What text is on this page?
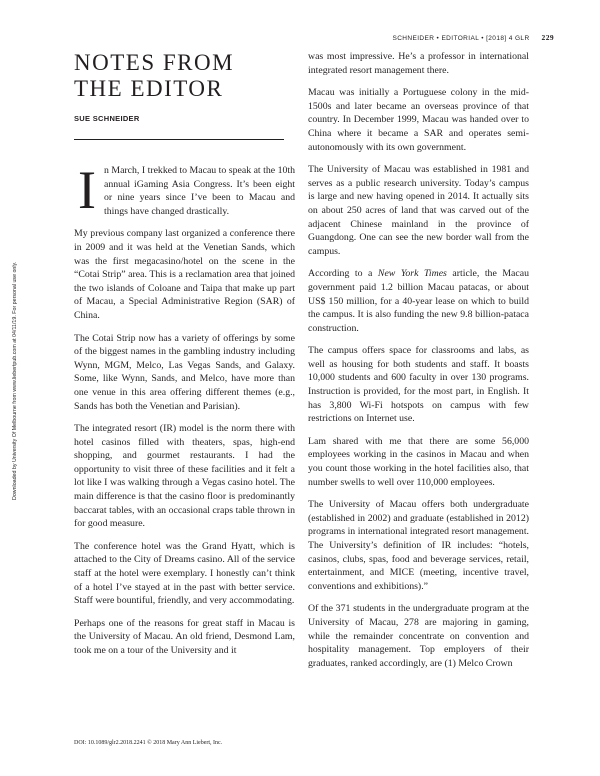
SCHNEIDER • EDITORIAL • [2018] 4 GLR 229
NOTES FROM
THE EDITOR
SUE SCHNEIDER

In March, I trekked to Macau to speak at the 10th annual iGaming Asia Congress. It’s been eight or nine years since I’ve been to Macau and things have changed drastically.

My previous company last organized a conference there in 2009 and it was held at the Venetian Sands, which was the first megacasino/hotel on the scene in the “Cotai Strip” area. This is a reclamation area that joined the two islands of Coloane and Taipa that make up part of Macau, a Special Administrative Region (SAR) of China.

The Cotai Strip now has a variety of offerings by some of the biggest names in the gambling industry including Wynn, MGM, Melco, Las Vegas Sands, and Galaxy. Some, like Wynn, Sands, and Melco, have more than one venue in this area offering different themes (e.g., Sands has both the Venetian and Parisian).

The integrated resort (IR) model is the norm there with hotel casinos filled with theaters, spas, high-end shopping, and gourmet restaurants. I had the opportunity to visit three of these facilities and it felt a lot like I was walking through a Vegas casino hotel. The main difference is that the casino floor is predominantly baccarat tables, with an occasional craps table thrown in for good measure.

The conference hotel was the Grand Hyatt, which is attached to the City of Dreams casino. All of the service staff at the hotel were exemplary. I honestly can’t think of a hotel I’ve stayed at in the past with better service. Staff were bountiful, friendly, and very accommodating.

Perhaps one of the reasons for great staff in Macau is the University of Macau. An old friend, Desmond Lam, took me on a tour of the University and it

was most impressive. He’s a professor in international integrated resort management there.

Macau was initially a Portuguese colony in the mid-1500s and later became an overseas province of that country. In December 1999, Macau was handed over to China where it became a SAR and operates semi-autonomously with its own government.

The University of Macau was established in 1981 and serves as a public research university. Today’s campus is large and new having opened in 2014. It actually sits on about 250 acres of land that was carved out of the adjacent Chinese mainland in the province of Guangdong. One can see the new border wall from the campus.

According to a New York Times article, the Macau government paid 1.2 billion Macau patacas, or about US$ 150 million, for a 40-year lease on which to build the campus. It is also funding the new 9.8 billion-pataca construction.

The campus offers space for classrooms and labs, as well as housing for both students and staff. It boasts 10,000 students and 600 faculty in over 130 programs. Instruction is provided, for the most part, in English. It has 3,800 Wi-Fi hotspots on campus with few restrictions on Internet use.

Lam shared with me that there are some 56,000 employees working in the casinos in Macau and when you count those working in the hotel facilities also, that number swells to well over 110,000 employees.

The University of Macau offers both undergraduate (established in 2002) and graduate (established in 2012) programs in international integrated resort management. The University’s definition of IR includes: “hotels, casinos, clubs, spas, food and beverage services, retail, entertainment, and MICE (meeting, incentive travel, conventions and exhibitions).”

Of the 371 students in the undergraduate program at the University of Macau, 278 are majoring in gaming, while the remainder concentrate on convention and hospitality management. Top employers of their graduates, ranked accordingly, are (1) Melco Crown

Downloaded by University Of Melbourne from www.liebertpub.com at 04/11/19. For personal use only.
DOI: 10.1089/glr2.2018.2241 © 2018 Mary Ann Liebert, Inc.
